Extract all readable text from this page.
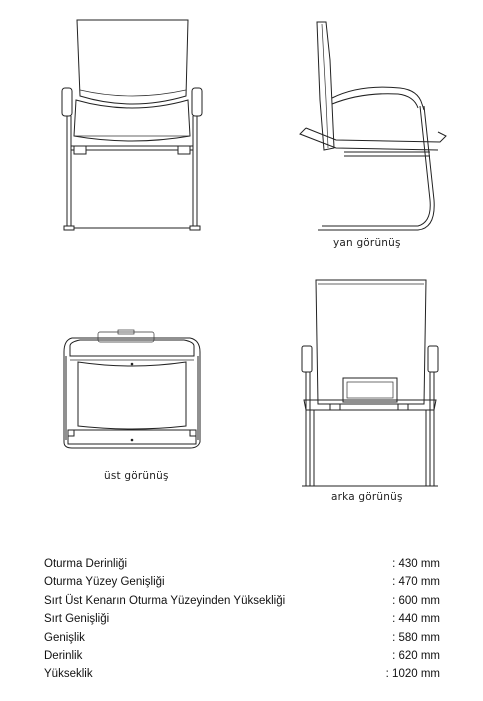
yan görünüş
üst görünüş
arka görünüş
Oturma Derinliği	: 430 mm
Oturma Yüzey Genişliği	: 470 mm
Sırt Üst Kenarın Oturma Yüzeyinden Yüksekliği	: 600 mm
Sırt Genişliği	: 440 mm
Genişlik	: 580 mm
Derinlik	: 620 mm
Yükseklik	: 1020 mm
